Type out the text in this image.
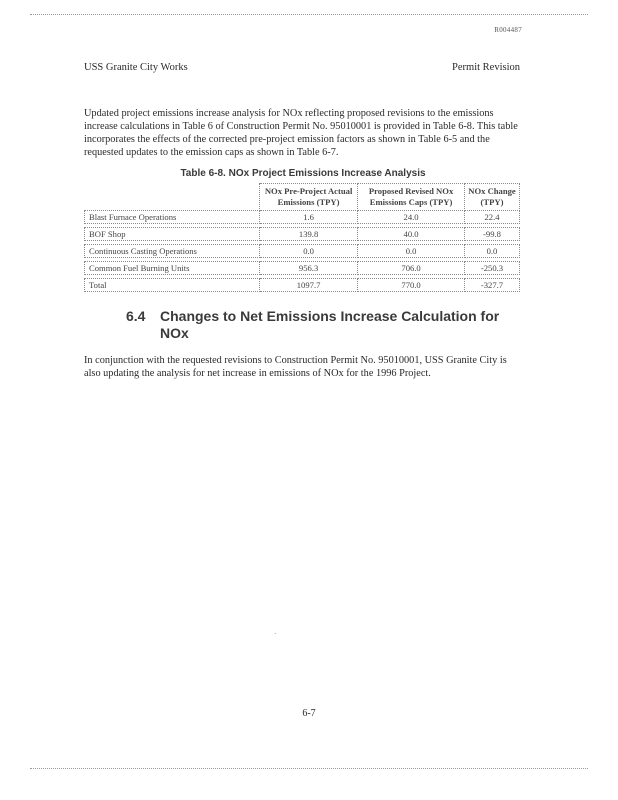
R004487
USS Granite City Works	Permit Revision

Updated project emissions increase analysis for NOx reflecting proposed revisions to the emissions increase calculations in Table 6 of Construction Permit No. 95010001 is provided in Table 6-8. This table incorporates the effects of the corrected pre-project emission factors as shown in Table 6-5 and the requested updates to the emission caps as shown in Table 6-7.

Table 6-8. NOx Project Emissions Increase Analysis
	NOx Pre-Project Actual Emissions (TPY)	Proposed Revised NOx Emissions Caps (TPY)	NOx Change (TPY)
Blast Furnace Operations	1.6	24.0	22.4

BOF Shop	139.8	40.0	-99.8

Continuous Casting Operations	0.0	0.0	0.0

Common Fuel Burning Units	956.3	706.0	-250.3

Total	1097.7	770.0	-327.7
6.4 Changes to Net Emissions Increase Calculation for NOx

In conjunction with the requested revisions to Construction Permit No. 95010001, USS Granite City is also updating the analysis for net increase in emissions of NOx for the 1996 Project.

·
6-7
